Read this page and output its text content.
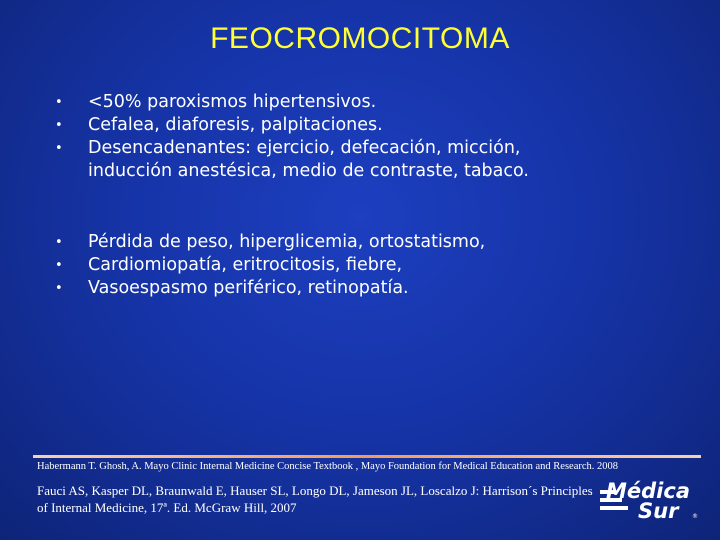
FEOCROMOCITOMA
• <50% paroxismos hipertensivos.
• Cefalea, diaforesis, palpitaciones.
• Desencadenantes: ejercicio, defecación, micción,
inducción anestésica, medio de contraste, tabaco.
• Pérdida de peso, hiperglicemia, ortostatismo,
• Cardiomiopatía, eritrocitosis, fiebre,
• Vasoespasmo periférico, retinopatía.
Habermann T. Ghosh, A. Mayo Clinic Internal Medicine Concise Textbook , Mayo Foundation for Medical Education and Research. 2008
Fauci AS, Kasper DL, Braunwald E, Hauser SL, Longo DL, Jameson JL, Loscalzo J: Harrison´s Principles
of Internal Medicine, 17ª. Ed. McGraw Hill, 2007
Médica
Sur ®
